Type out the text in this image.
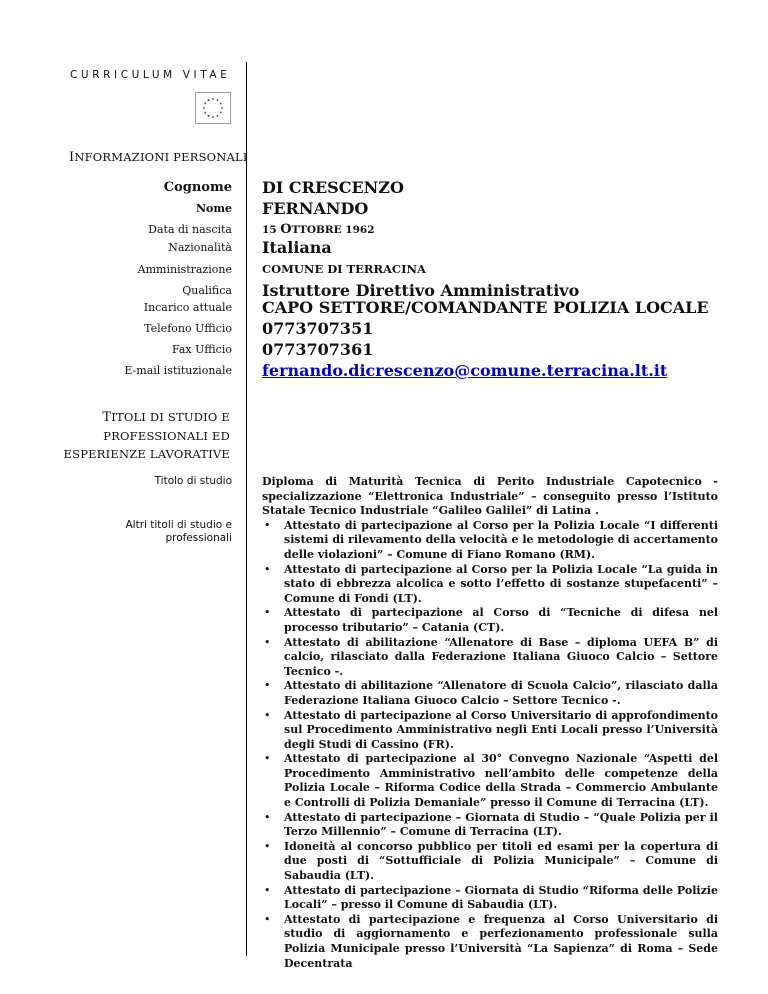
CURRICULUM VITAE
INFORMAZIONI PERSONALI
Cognome DI CRESCENZO
Nome FERNANDO
Data di nascita	15 OTTOBRE 1962
Nazionalità Italiana
Amministrazione	COMUNE DI TERRACINA
Qualifica Istruttore Direttivo Amministrativo
Incarico attuale CAPO SETTORE/COMANDANTE POLIZIA LOCALE
Telefono Ufficio 0773707351
Fax Ufficio 0773707361
E-mail istituzionale fernando.dicrescenzo@comune.terracina.lt.it
TITOLI DI STUDIO E
PROFESSIONALI ED
ESPERIENZE LAVORATIVE
Titolo di studio
Altri titoli di studio e
professionali

Diploma di Maturità Tecnica di Perito Industriale Capotecnico - specializzazione “Elettronica Industriale” – conseguito presso l’Istituto Statale Tecnico Industriale “Galileo Galilei” di Latina .

• Attestato di partecipazione al Corso per la Polizia Locale “I differenti sistemi di rilevamento della velocità e le metodologie di accertamento delle violazioni” – Comune di Fiano Romano (RM).
• Attestato di partecipazione al Corso per la Polizia Locale “La guida in stato di ebbrezza alcolica e sotto l’effetto di sostanze stupefacenti” – Comune di Fondi (LT).
• Attestato di partecipazione al Corso di “Tecniche di difesa nel processo tributario” – Catania (CT).
• Attestato di abilitazione “Allenatore di Base – diploma UEFA B” di calcio, rilasciato dalla Federazione Italiana Giuoco Calcio – Settore Tecnico -.
• Attestato di abilitazione “Allenatore di Scuola Calcio”, rilasciato dalla Federazione Italiana Giuoco Calcio – Settore Tecnico -.
• Attestato di partecipazione al Corso Universitario di approfondimento sul Procedimento Amministrativo negli Enti Locali presso l’Università degli Studi di Cassino (FR).
• Attestato di partecipazione al 30° Convegno Nazionale “Aspetti del Procedimento Amministrativo nell’ambito delle competenze della Polizia Locale – Riforma Codice della Strada – Commercio Ambulante e Controlli di Polizia Demaniale” presso il Comune di Terracina (LT).
• Attestato di partecipazione – Giornata di Studio – “Quale Polizia per il Terzo Millennio” – Comune di Terracina (LT).
• Idoneità al concorso pubblico per titoli ed esami per la copertura di due posti di “Sottufficiale di Polizia Municipale” – Comune di Sabaudia (LT).
• Attestato di partecipazione – Giornata di Studio “Riforma delle Polizie Locali” – presso il Comune di Sabaudia (LT).
• Attestato di partecipazione e frequenza al Corso Universitario di studio di aggiornamento e perfezionamento professionale sulla Polizia Municipale presso l’Università “La Sapienza” di Roma – Sede Decentrata
